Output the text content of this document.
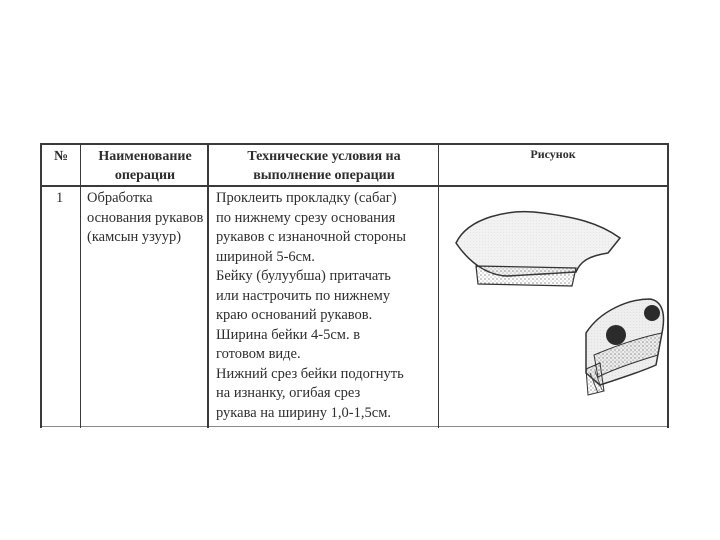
№	Наименование операции
Технические условия на выполнение операции
Рисунок
1	Обработка основания рукавов (камсын узуур)
Проклеить прокладку (сабаг)
по нижнему срезу основания
рукавов с изнаночной стороны
шириной 5-6см.
Бейку (булуубша) притачать
или настрочить по нижнему
краю оснований рукавов.
Ширина бейки 4-5см. в
готовом виде.
Нижний срез бейки подогнуть
на изнанку, огибая срез
рукава на ширину 1,0-1,5см.
